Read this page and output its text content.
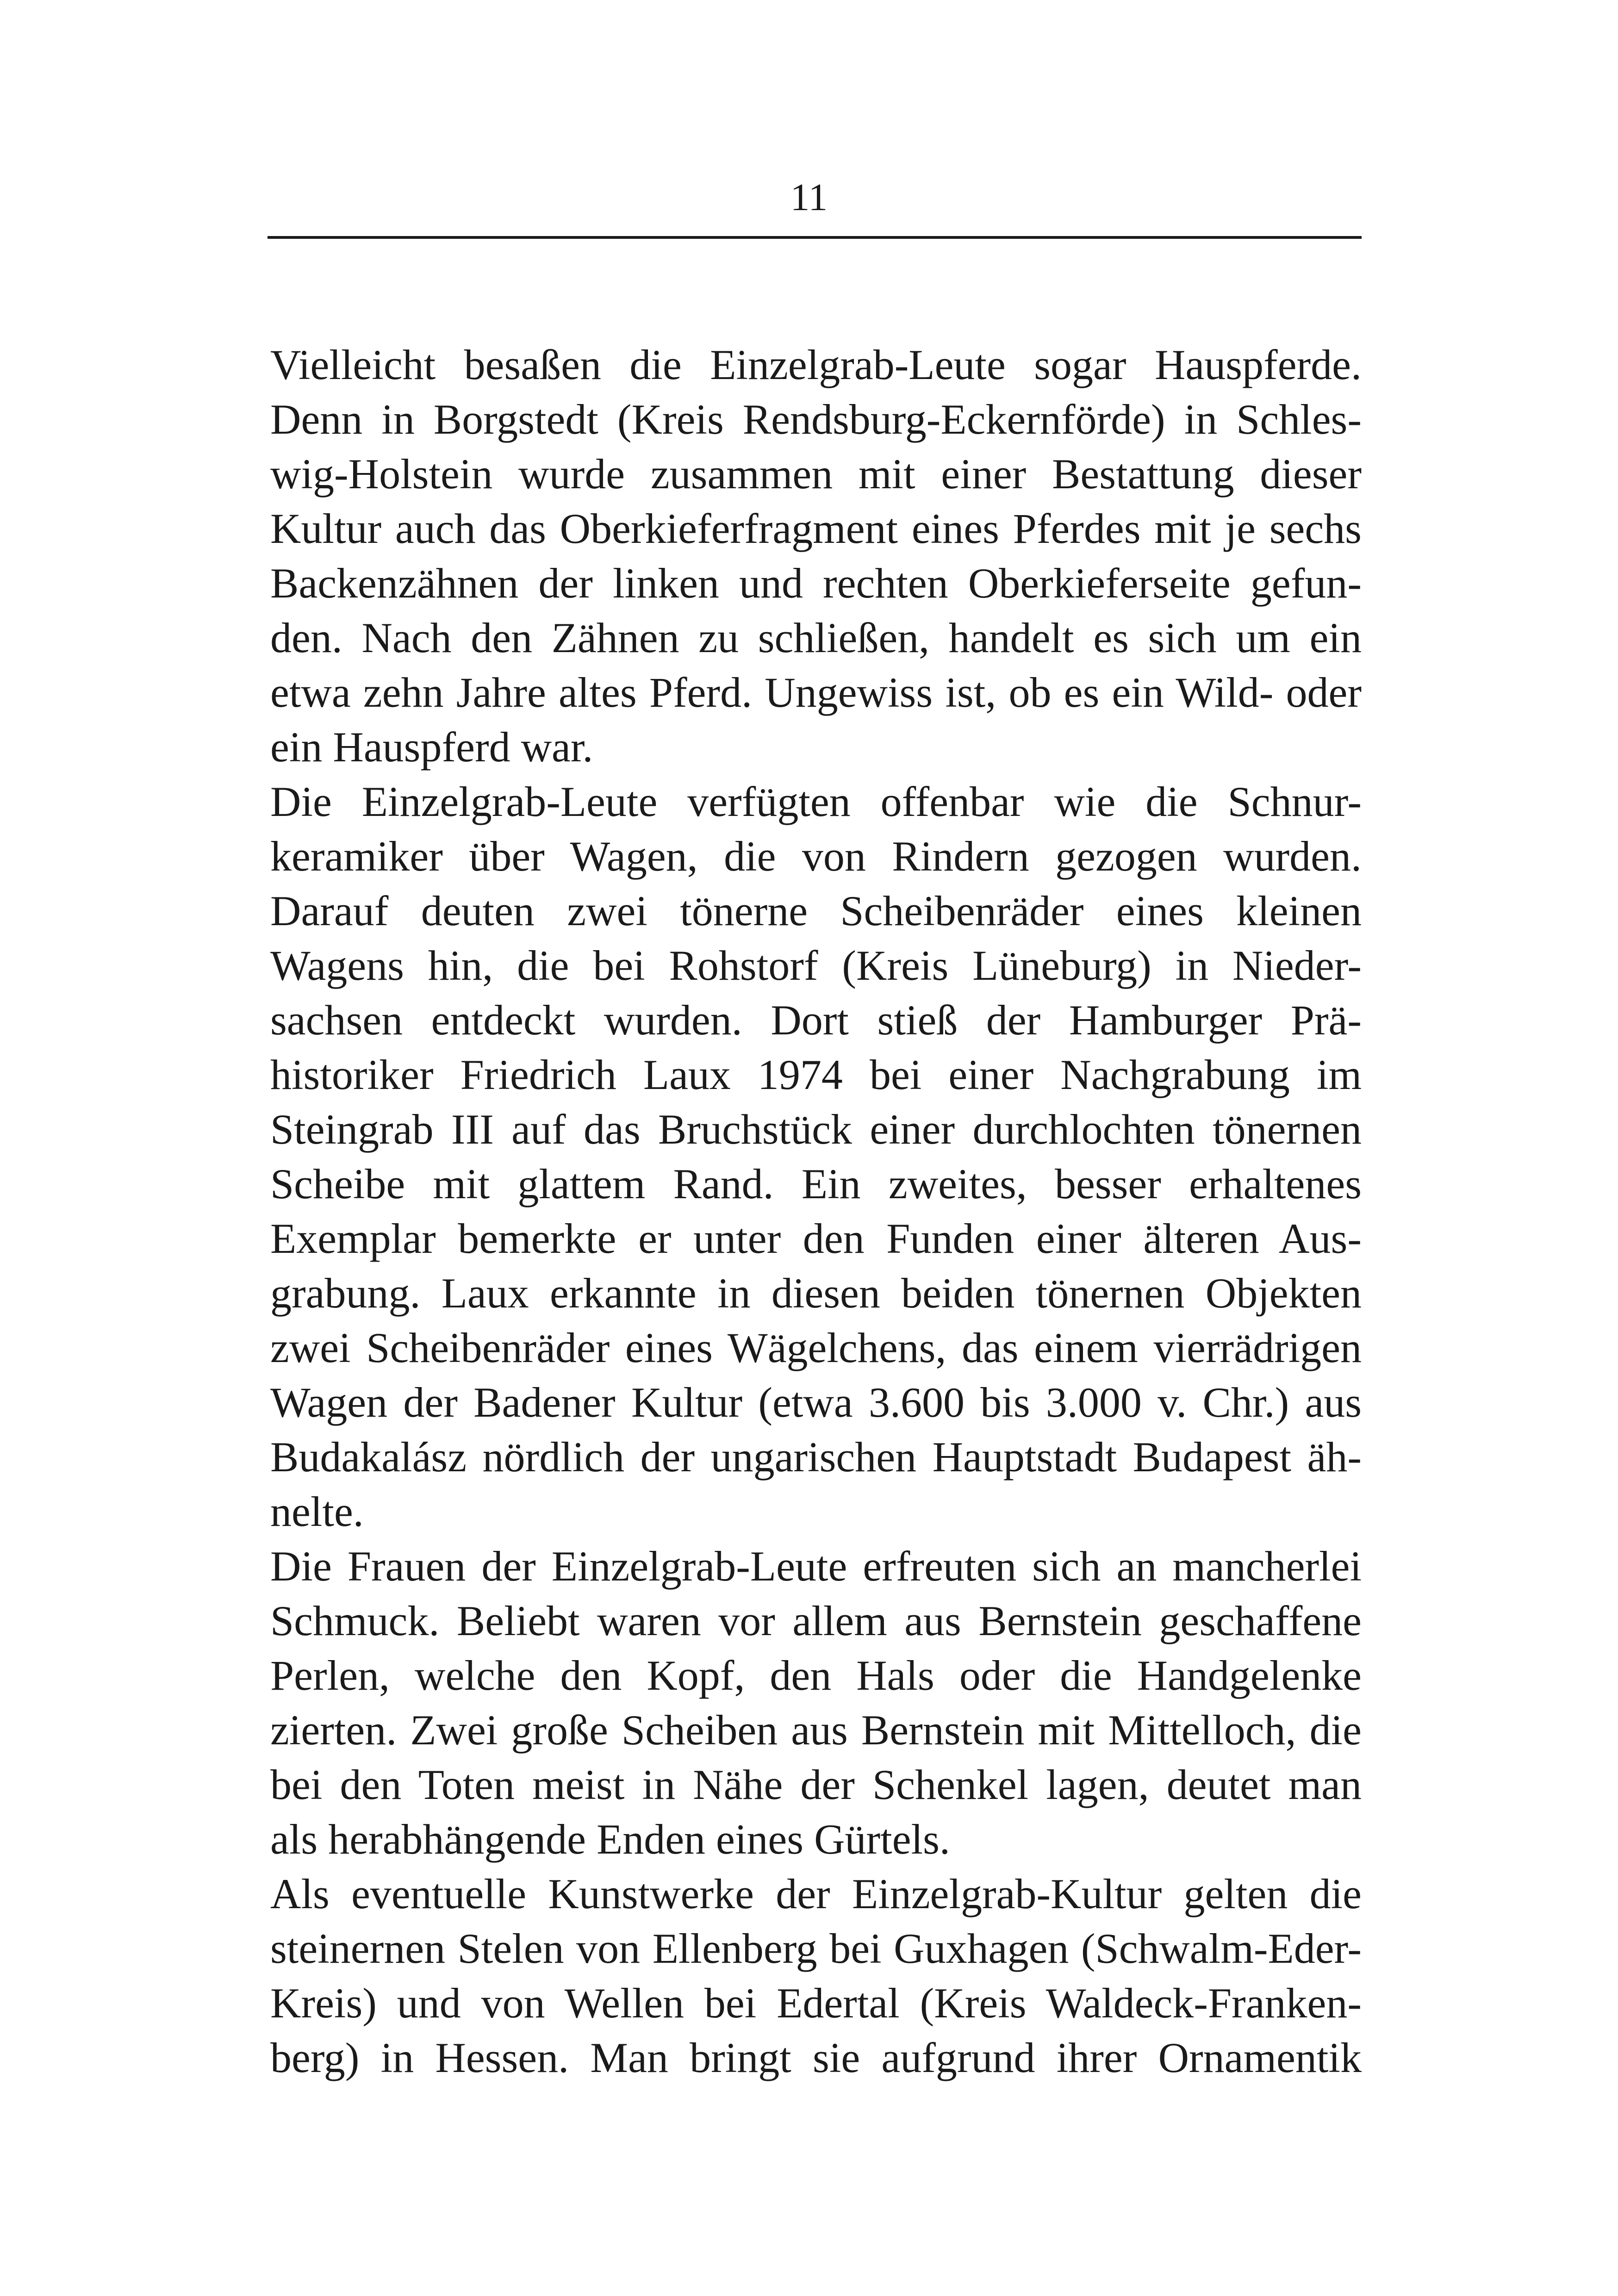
11
Vielleicht besaßen die Einzelgrab-Leute sogar Hauspferde.
Denn in Borgstedt (Kreis Rendsburg-Eckernförde) in Schles-
wig-Holstein wurde zusammen mit einer Bestattung dieser
Kultur auch das Oberkieferfragment eines Pferdes mit je sechs
Backenzähnen der linken und rechten Oberkieferseite gefun-
den. Nach den Zähnen zu schließen, handelt es sich um ein
etwa zehn Jahre altes Pferd. Ungewiss ist, ob es ein Wild- oder
ein Hauspferd war.
Die Einzelgrab-Leute verfügten offenbar wie die Schnur-
keramiker über Wagen, die von Rindern gezogen wurden.
Darauf deuten zwei tönerne Scheibenräder eines kleinen
Wagens hin, die bei Rohstorf (Kreis Lüneburg) in Nieder-
sachsen entdeckt wurden. Dort stieß der Hamburger Prä-
historiker Friedrich Laux 1974 bei einer Nachgrabung im
Steingrab III auf das Bruchstück einer durchlochten tönernen
Scheibe mit glattem Rand. Ein zweites, besser erhaltenes
Exemplar bemerkte er unter den Funden einer älteren Aus-
grabung. Laux erkannte in diesen beiden tönernen Objekten
zwei Scheibenräder eines Wägelchens, das einem vierrädrigen
Wagen der Badener Kultur (etwa 3.600 bis 3.000 v. Chr.) aus
Budakalász nördlich der ungarischen Hauptstadt Budapest äh-
nelte.
Die Frauen der Einzelgrab-Leute erfreuten sich an mancherlei
Schmuck. Beliebt waren vor allem aus Bernstein geschaffene
Perlen, welche den Kopf, den Hals oder die Handgelenke
zierten. Zwei große Scheiben aus Bernstein mit Mittelloch, die
bei den Toten meist in Nähe der Schenkel lagen, deutet man
als herabhängende Enden eines Gürtels.
Als eventuelle Kunstwerke der Einzelgrab-Kultur gelten die
steinernen Stelen von Ellenberg bei Guxhagen (Schwalm-Eder-
Kreis) und von Wellen bei Edertal (Kreis Waldeck-Franken-
berg) in Hessen. Man bringt sie aufgrund ihrer Ornamentik
